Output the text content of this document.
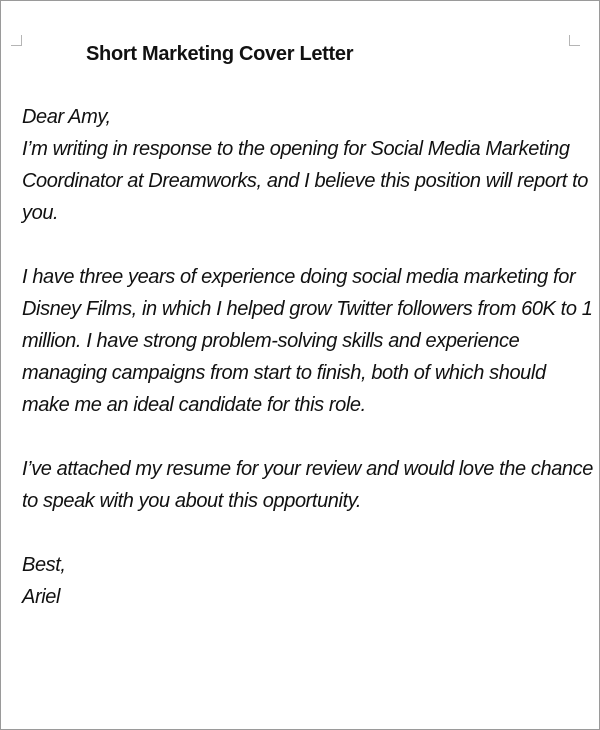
Short Marketing Cover Letter

Dear Amy,

I’m writing in response to the opening for Social Media Marketing
Coordinator at Dreamworks, and I believe this position will report to
you.

I have three years of experience doing social media marketing for
Disney Films, in which I helped grow Twitter followers from 60K to 1
million. I have strong problem-solving skills and experience
managing campaigns from start to finish, both of which should
make me an ideal candidate for this role.

I’ve attached my resume for your review and would love the chance
to speak with you about this opportunity.

Best,

Ariel
